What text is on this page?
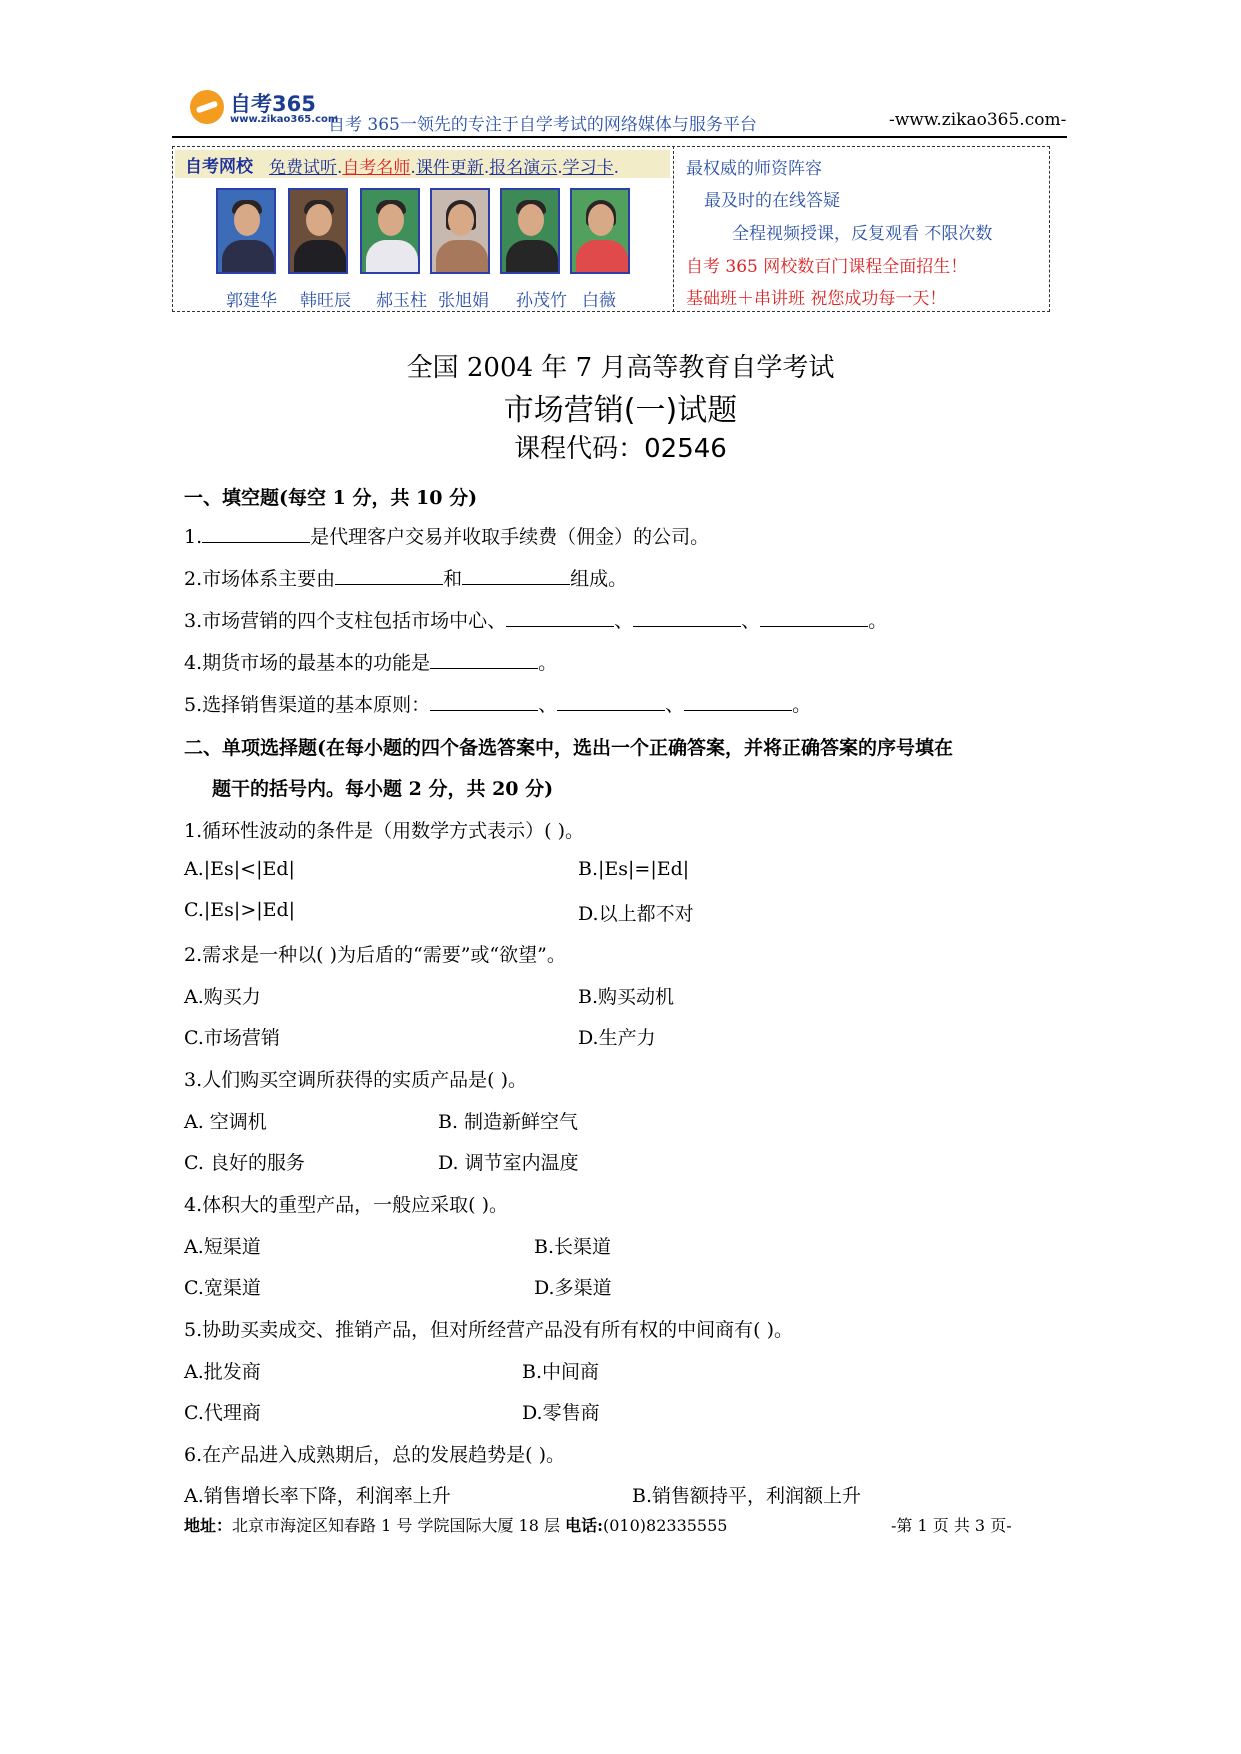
自考365
www.zikao365.com
自考 365一领先的专注于自学考试的网络媒体与服务平台	-www.zikao365.com-
自考网校 免费试听.自考名师.课件更新.报名演示.学习卡.
郭建华 韩旺辰 郝玉柱 张旭娟 孙茂竹 白薇
最权威的师资阵容
最及时的在线答疑
全程视频授课，反复观看 不限次数
自考 365 网校数百门课程全面招生！
基础班＋串讲班 祝您成功每一天！
全国 2004 年 7 月高等教育自学考试
市场营销(一)试题
课程代码：02546
一、填空题(每空 1 分，共 10 分)
1.	是代理客户交易并收取手续费（佣金）的公司。
2.市场体系主要由	和	组成。
3.市场营销的四个支柱包括市场中心、	、	、	。
4.期货市场的最基本的功能是	。
5.选择销售渠道的基本原则：	、	、	。
二、单项选择题(在每小题的四个备选答案中，选出一个正确答案，并将正确答案的序号填在
题干的括号内。每小题 2 分，共 20 分)
1.循环性波动的条件是（用数学方式表示）( )。
A.|Es|<|Ed|	B.|Es|=|Ed|
C.|Es|>|Ed|	D.以上都不对
2.需求是一种以( )为后盾的“需要”或“欲望”。
A.购买力	B.购买动机
C.市场营销	D.生产力
3.人们购买空调所获得的实质产品是( )。
A. 空调机	B. 制造新鲜空气
C. 良好的服务	D. 调节室内温度
4.体积大的重型产品，一般应采取( )。
A.短渠道	B.长渠道
C.宽渠道	D.多渠道
5.协助买卖成交、推销产品，但对所经营产品没有所有权的中间商有( )。
A.批发商	B.中间商
C.代理商	D.零售商
6.在产品进入成熟期后，总的发展趋势是( )。
A.销售增长率下降，利润率上升	B.销售额持平，利润额上升
地址：北京市海淀区知春路 1 号 学院国际大厦 18 层 电话:(010)82335555	-第 1 页 共 3 页-
